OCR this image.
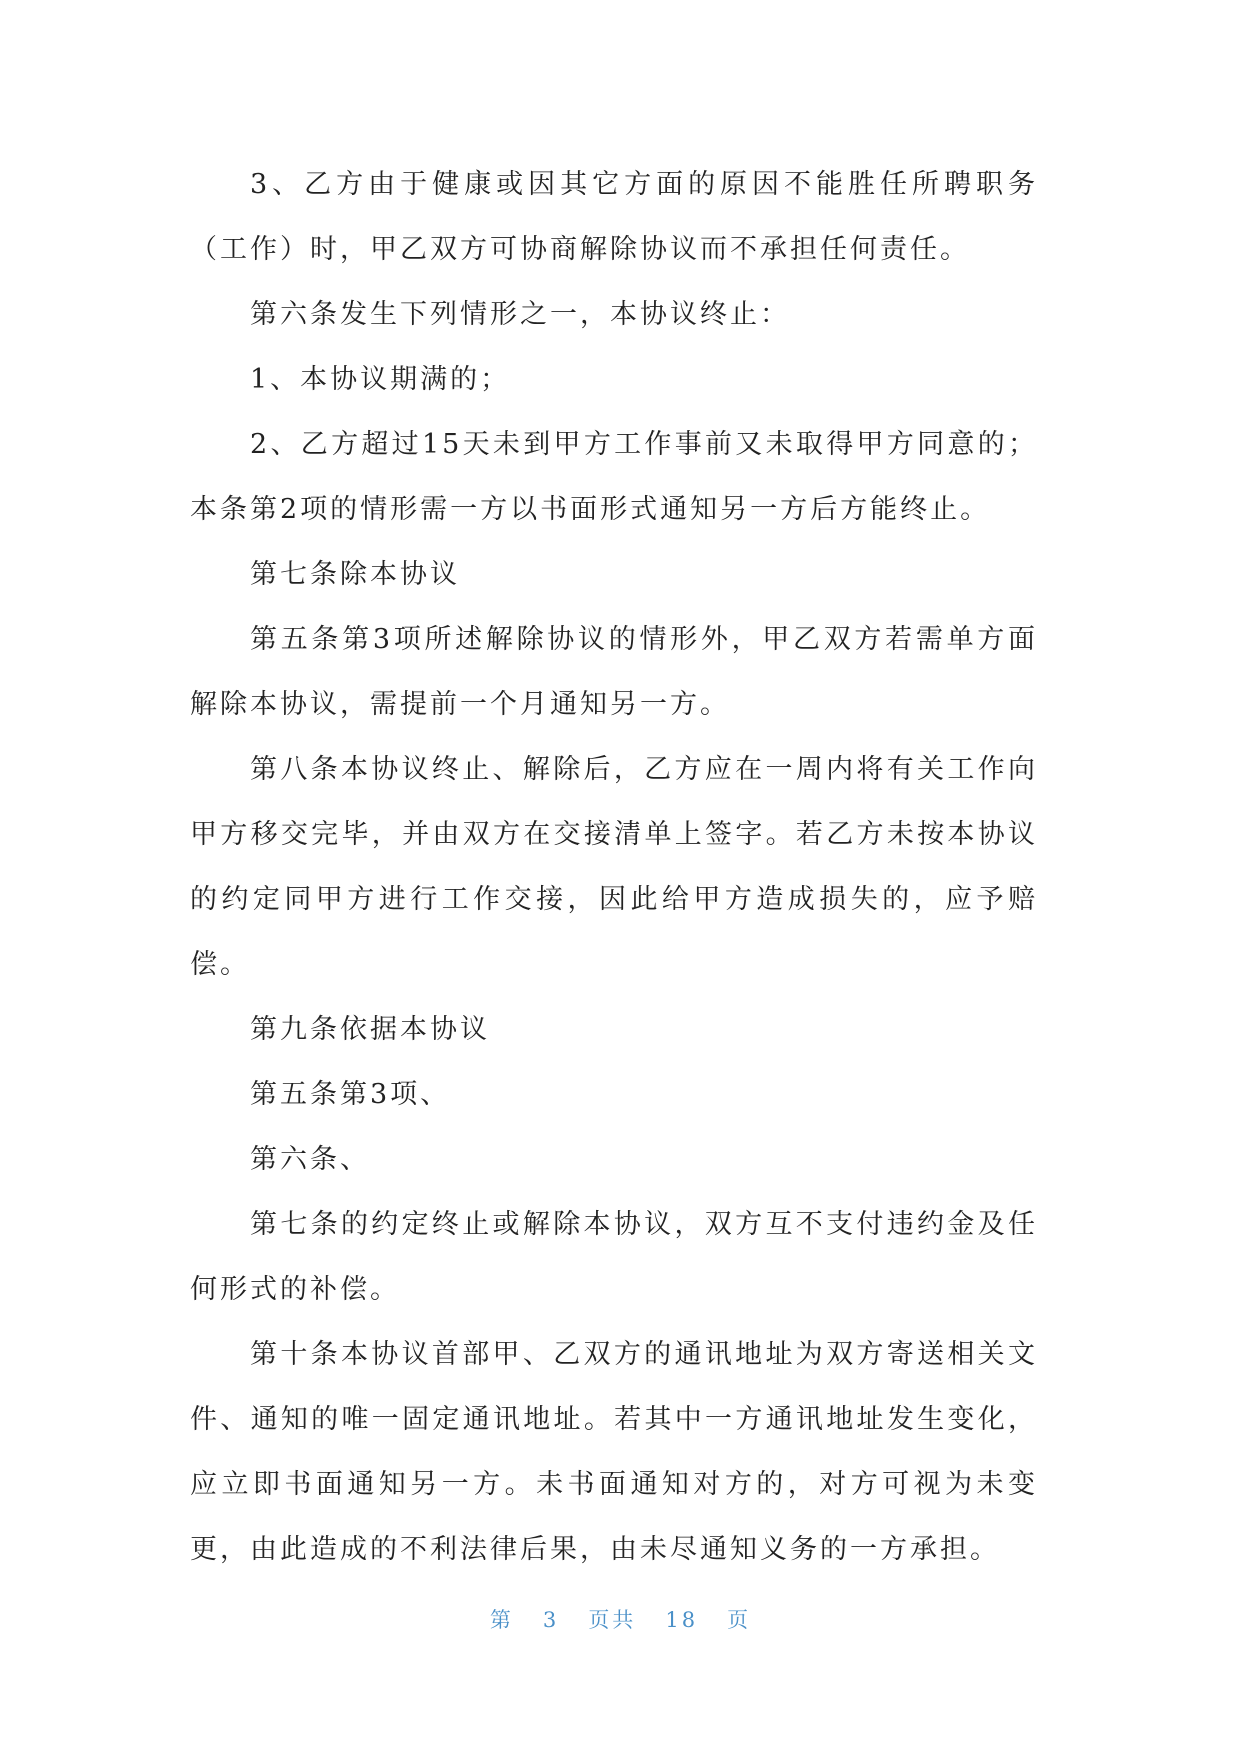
3、乙方由于健康或因其它方面的原因不能胜任所聘职务（工作）时，甲乙双方可协商解除协议而不承担任何责任。

第六条发生下列情形之一，本协议终止：

1、本协议期满的；

2、乙方超过15天未到甲方工作事前又未取得甲方同意的；本条第2项的情形需一方以书面形式通知另一方后方能终止。

第七条除本协议

第五条第3项所述解除协议的情形外，甲乙双方若需单方面解除本协议，需提前一个月通知另一方。

第八条本协议终止、解除后，乙方应在一周内将有关工作向甲方移交完毕，并由双方在交接清单上签字。若乙方未按本协议的约定同甲方进行工作交接，因此给甲方造成损失的，应予赔偿。

第九条依据本协议

第五条第3项、

第六条、

第七条的约定终止或解除本协议，双方互不支付违约金及任何形式的补偿。

第十条本协议首部甲、乙双方的通讯地址为双方寄送相关文件、通知的唯一固定通讯地址。若其中一方通讯地址发生变化，应立即书面通知另一方。未书面通知对方的，对方可视为未变更，由此造成的不利法律后果，由未尽通知义务的一方承担。

第 3 页共 18 页
